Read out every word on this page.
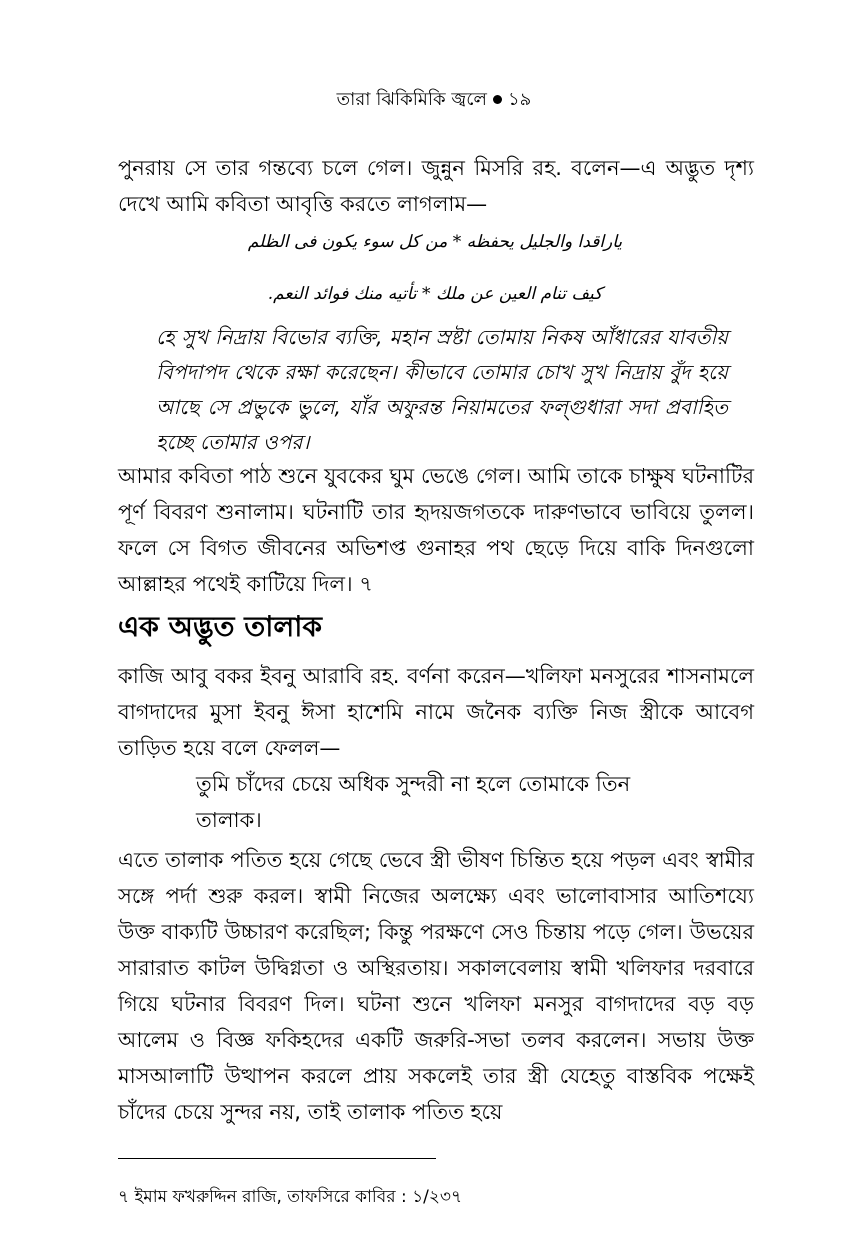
তারা ঝিকিমিকি জ্বলে ১৯

পুনরায় সে তার গন্তব্যে চলে গেল। জুন্নুন মিসরি রহ. বলেন—এ অদ্ভুত দৃশ্য দেখে আমি কবিতা আবৃত্তি করতে লাগলাম—

ياراقدا والجليل يحفظه * من كل سوء يكون فى الظلم
كيف تنام العين عن ملك * تأتيه منك فوائد النعم.
হে সুখ নিদ্রায় বিভোর ব্যক্তি, মহান স্রষ্টা তোমায় নিকষ আঁধারের যাবতীয় বিপদাপদ থেকে রক্ষা করেছেন। কীভাবে তোমার চোখ সুখ নিদ্রায় বুঁদ হয়ে আছে সে প্রভুকে ভুলে, যাঁর অফুরন্ত নিয়ামতের ফল্গুধারা সদা প্রবাহিত হচ্ছে তোমার ওপর।

আমার কবিতা পাঠ শুনে যুবকের ঘুম ভেঙে গেল। আমি তাকে চাক্ষুষ ঘটনাটির পূর্ণ বিবরণ শুনালাম। ঘটনাটি তার হৃদয়জগতকে দারুণভাবে ভাবিয়ে তুলল। ফলে সে বিগত জীবনের অভিশপ্ত গুনাহর পথ ছেড়ে দিয়ে বাকি দিনগুলো আল্লাহর পথেই কাটিয়ে দিল। ৭

এক অদ্ভুত তালাক

কাজি আবু বকর ইবনু আরাবি রহ. বর্ণনা করেন—খলিফা মনসুরের শাসনামলে বাগদাদের মুসা ইবনু ঈসা হাশেমি নামে জনৈক ব্যক্তি নিজ স্ত্রীকে আবেগ তাড়িত হয়ে বলে ফেলল—

তুমি চাঁদের চেয়ে অধিক সুন্দরী না হলে তোমাকে তিন তালাক।

এতে তালাক পতিত হয়ে গেছে ভেবে স্ত্রী ভীষণ চিন্তিত হয়ে পড়ল এবং স্বামীর সঙ্গে পর্দা শুরু করল। স্বামী নিজের অলক্ষ্যে এবং ভালোবাসার আতিশয্যে উক্ত বাক্যটি উচ্চারণ করেছিল; কিন্তু পরক্ষণে সেও চিন্তায় পড়ে গেল। উভয়ের সারারাত কাটল উদ্বিগ্নতা ও অস্থিরতায়। সকালবেলায় স্বামী খলিফার দরবারে গিয়ে ঘটনার বিবরণ দিল। ঘটনা শুনে খলিফা মনসুর বাগদাদের বড় বড় আলেম ও বিজ্ঞ ফকিহদের একটি জরুরি-সভা তলব করলেন। সভায় উক্ত মাসআলাটি উত্থাপন করলে প্রায় সকলেই তার স্ত্রী যেহেতু বাস্তবিক পক্ষেই চাঁদের চেয়ে সুন্দর নয়, তাই তালাক পতিত হয়ে

৭ ইমাম ফখরুদ্দিন রাজি, তাফসিরে কাবির : ১/২৩৭
